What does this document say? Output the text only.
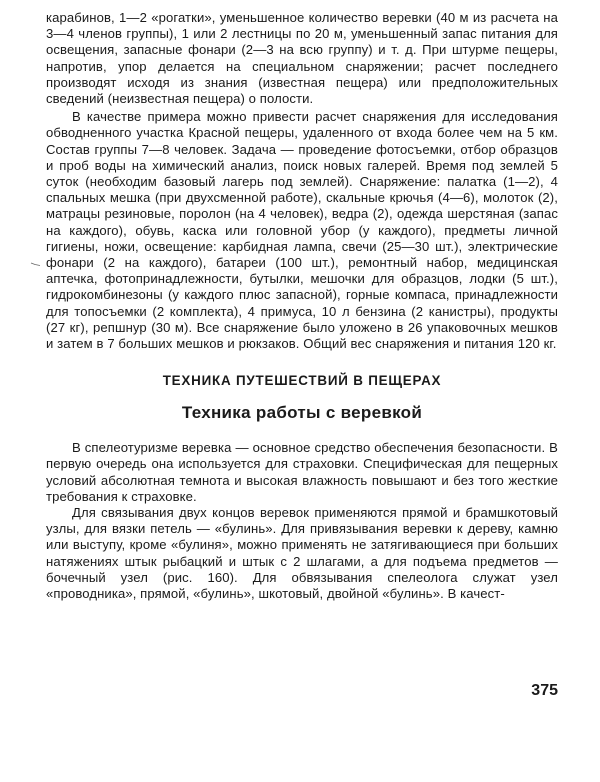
карабинов, 1—2 «рогатки», уменьшенное количество веревки (40 м из расчета на 3—4 членов группы), 1 или 2 лестницы по 20 м, уменьшенный запас питания для освещения, запасные фонари (2—3 на всю группу) и т. д. При штурме пещеры, напротив, упор делается на специальном снаряжении; расчет последнего производят исходя из знания (известная пещера) или предположительных сведений (неизвестная пещера) о полости.

В качестве примера можно привести расчет снаряжения для исследования обводненного участка Красной пещеры, удаленного от входа более чем на 5 км. Состав группы 7—8 человек. Задача — проведение фотосъемки, отбор образцов и проб воды на химический анализ, поиск новых галерей. Время под землей 5 суток (необходим базовый лагерь под землей). Снаряжение: палатка (1—2), 4 спальных мешка (при двухсменной работе), скальные крючья (4—6), молоток (2), матрацы резиновые, поролон (на 4 человек), ведра (2), одежда шерстяная (запас на каждого), обувь, каска или головной убор (у каждого), предметы личной гигиены, ножи, освещение: карбидная лампа, свечи (25—30 шт.), электрические фонари (2 на каждого), батареи (100 шт.), ремонтный набор, медицинская аптечка, фотопринадлежности, бутылки, мешочки для образцов, лодки (5 шт.), гидрокомбинезоны (у каждого плюс запасной), горные компаса, принадлежности для топосъемки (2 комплекта), 4 примуса, 10 л бензина (2 канистры), продукты (27 кг), репшнур (30 м). Все снаряжение было уложено в 26 упаковочных мешков и затем в 7 больших мешков и рюкзаков. Общий вес снаряжения и питания 120 кг.

ТЕХНИКА ПУТЕШЕСТВИЙ В ПЕЩЕРАХ
Техника работы с веревкой

В спелеотуризме веревка — основное средство обеспечения безопасности. В первую очередь она используется для страховки. Специфическая для пещерных условий абсолютная темнота и высокая влажность повышают и без того жесткие требования к страховке.

Для связывания двух концов веревок применяются прямой и брамшкотовый узлы, для вязки петель — «булинь». Для привязывания веревки к дереву, камню или выступу, кроме «булиня», можно применять не затягивающиеся при больших натяжениях штык рыбацкий и штык с 2 шлагами, а для подъема предметов — бочечный узел (рис. 160). Для обвязывания спелеолога служат узел «проводника», прямой, «булинь», шкотовый, двойной «булинь». В качест-

375
